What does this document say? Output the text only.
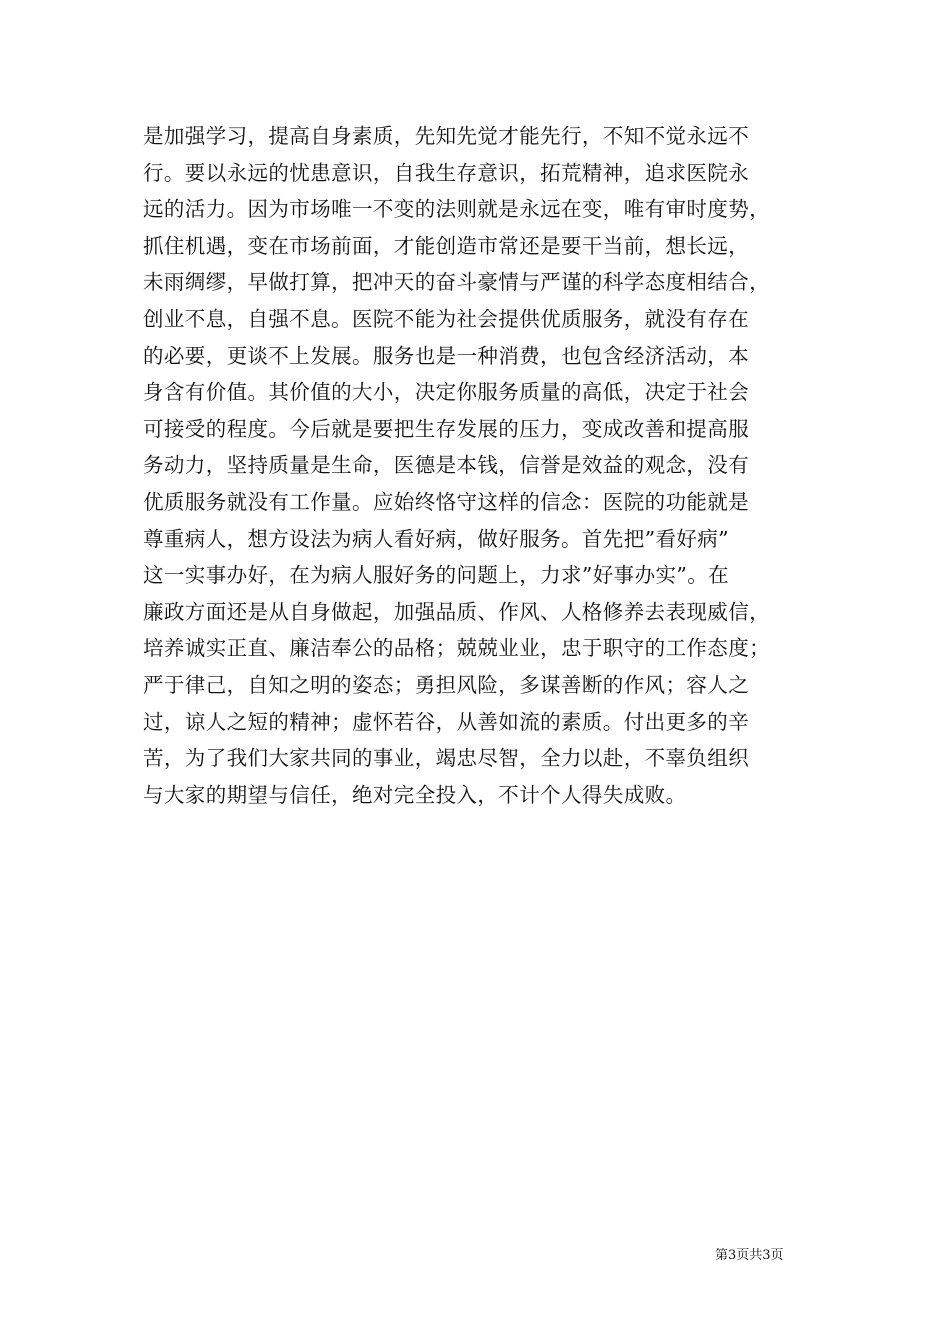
是加强学习，提高自身素质，先知先觉才能先行，不知不觉永远不
行。要以永远的忧患意识，自我生存意识，拓荒精神，追求医院永
远的活力。因为市场唯一不变的法则就是永远在变，唯有审时度势，
抓住机遇，变在市场前面，才能创造市常还是要干当前，想长远，
未雨绸缪，早做打算，把冲天的奋斗豪情与严谨的科学态度相结合，
创业不息，自强不息。医院不能为社会提供优质服务，就没有存在
的必要，更谈不上发展。服务也是一种消费，也包含经济活动，本
身含有价值。其价值的大小，决定你服务质量的高低，决定于社会
可接受的程度。今后就是要把生存发展的压力，变成改善和提高服
务动力，坚持质量是生命，医德是本钱，信誉是效益的观念，没有
优质服务就没有工作量。应始终恪守这样的信念：医院的功能就是
尊重病人，想方设法为病人看好病，做好服务。首先把”看好病”
这一实事办好，在为病人服好务的问题上，力求”好事办实”。在
廉政方面还是从自身做起，加强品质、作风、人格修养去表现威信，
培养诚实正直、廉洁奉公的品格；兢兢业业，忠于职守的工作态度；
严于律己，自知之明的姿态；勇担风险，多谋善断的作风；容人之
过，谅人之短的精神；虚怀若谷，从善如流的素质。付出更多的辛
苦，为了我们大家共同的事业，竭忠尽智，全力以赴，不辜负组织
与大家的期望与信任，绝对完全投入，不计个人得失成败。
第3页共3页
